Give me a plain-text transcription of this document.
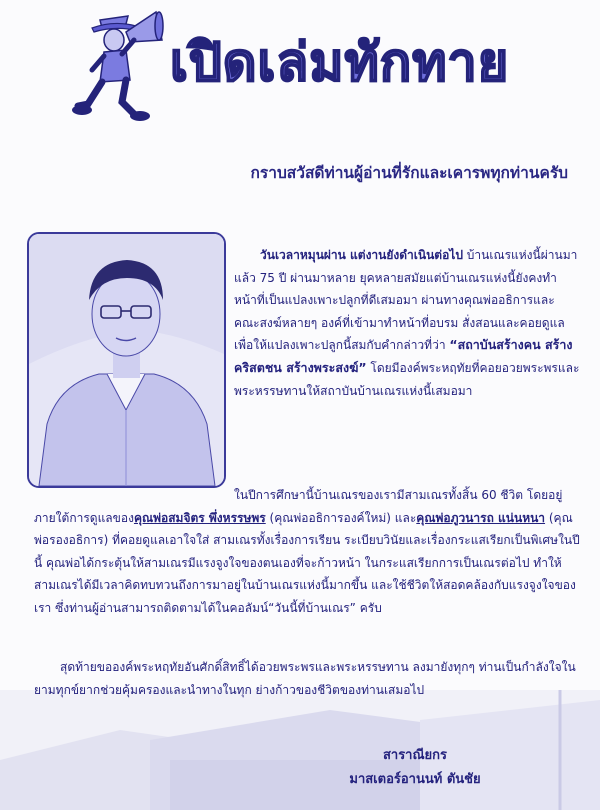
เปิดเล่มทักทาย
กราบสวัสดีท่านผู้อ่านที่รักและเคารพทุกท่านครับ

วันเวลาหมุนผ่าน แต่งานยังดำเนินต่อไป บ้านเณรแห่งนี้ผ่านมาแล้ว 75 ปี ผ่านมาหลาย ยุคหลายสมัยแต่บ้านเณรแห่งนี้ยังคงทำหน้าที่เป็นแปลงเพาะปลูกที่ดีเสมอมา ผ่านทางคุณพ่ออธิการและคณะสงฆ์หลายๆ องค์ที่เข้ามาทำหน้าที่อบรม สั่งสอนและคอยดูแล เพื่อให้แปลงเพาะปลูกนี้สมกับคำกล่าวที่ว่า “สถาบันสร้างคน สร้างคริสตชน สร้างพระสงฆ์” โดยมีองค์พระหฤทัยที่คอยอวยพระพรและ พระหรรษทานให้สถาบันบ้านเณรแห่งนี้เสมอมา

ในปีการศึกษานี้บ้านเณรของเรามีสามเณรทั้งสิ้น 60 ชีวิต โดยอยู่ภายใต้การดูแลของคุณพ่อสมจิตร พึ่งหรรษพร (คุณพ่ออธิการองค์ใหม่) และคุณพ่อภูวนารถ แน่นหนา (คุณพ่อรองอธิการ) ที่คอยดูแลเอาใจใส่ สามเณรทั้งเรื่องการเรียน ระเบียบวินัยและเรื่องกระแสเรียกเป็นพิเศษในปีนี้ คุณพ่อได้กระตุ้นให้สามเณรมีแรงจูงใจของตนเองที่จะก้าวหน้า ในกระแสเรียกการเป็นเณรต่อไป ทำให้สามเณรได้มีเวลาคิดทบทวนถึงการมาอยู่ในบ้านเณรแห่งนี้มากขึ้น และใช้ชีวิตให้สอดคล้องกับแรงจูงใจของเรา ซึ่งท่านผู้อ่านสามารถติดตามได้ในคอลัมน์“วันนี้ที่บ้านเณร” ครับ

สุดท้ายขอองค์พระหฤทัยอันศักดิ์สิทธิ์ได้อวยพระพรและพระหรรษทาน ลงมายังทุกๆ ท่านเป็นกำลังใจในยามทุกข์ยากช่วยคุ้มครองและนำทางในทุก ย่างก้าวของชีวิตของท่านเสมอไป

สาราณียกร
มาสเตอร์อานนท์ ตันชัย
